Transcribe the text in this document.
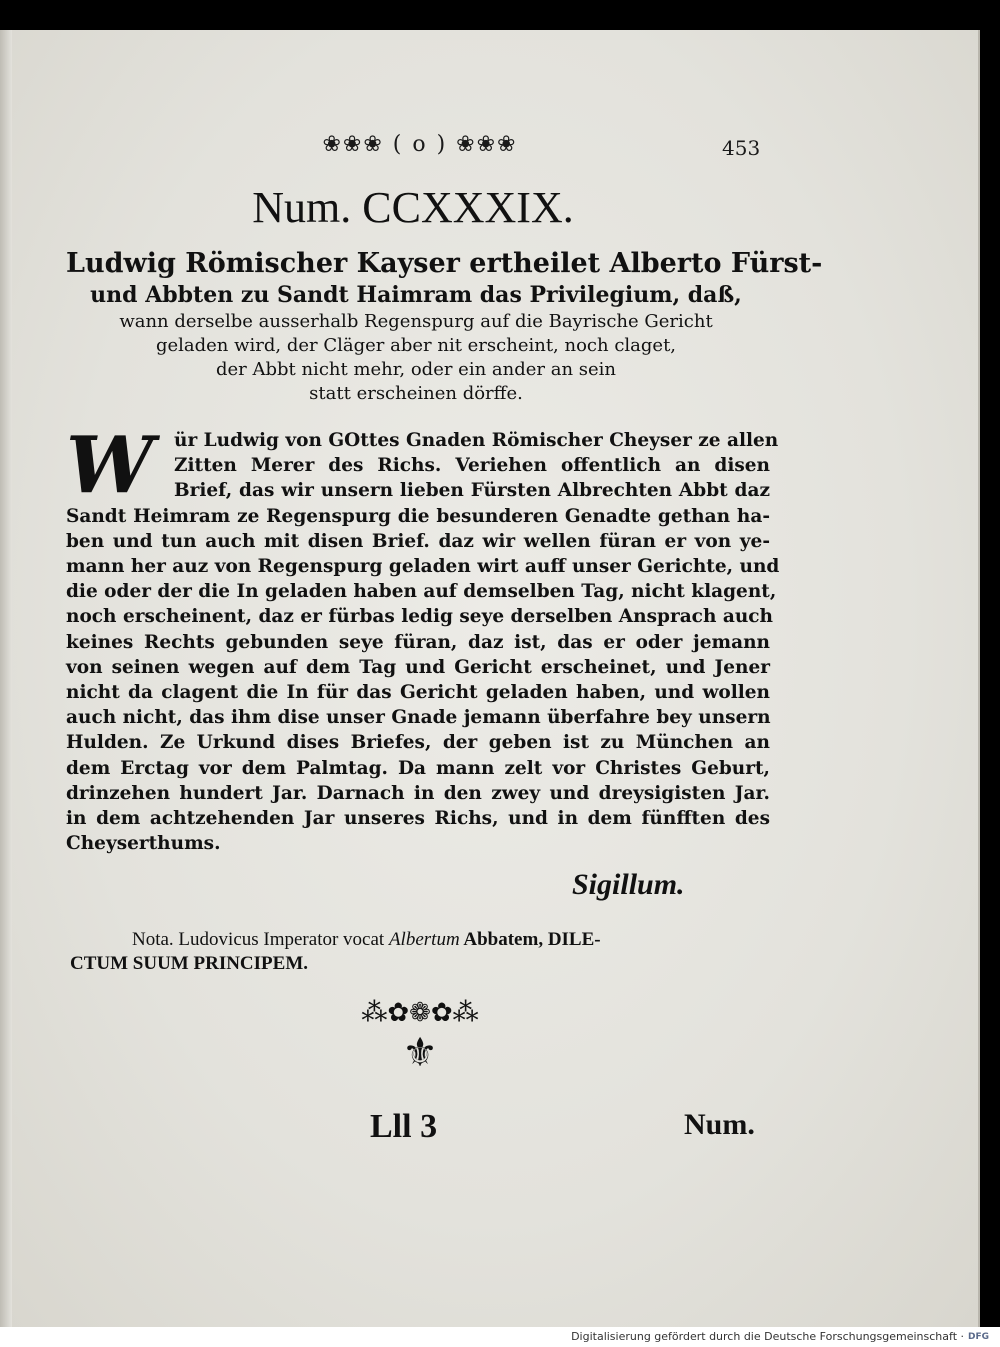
❀❀❀ ( o ) ❀❀❀	453
Num. CCXXXIX.
Ludwig Römischer Kayser ertheilet Alberto Fürst-
und Abbten zu Sandt Haimram das Privilegium, daß,
wann derselbe ausserhalb Regenspurg auf die Bayrische Gericht
geladen wird, der Cläger aber nit erscheint, noch claget,
der Abbt nicht mehr, oder ein ander an sein
statt erscheinen dörffe.
W	ür Ludwig von GOttes Gnaden Römischer Cheyser ze allen
Zitten Merer des Richs. Veriehen offentlich an disen
Brief, das wir unsern lieben Fürsten Albrechten Abbt daz
Sandt Heimram ze Regenspurg die besunderen Genadte gethan ha-
ben und tun auch mit disen Brief. daz wir wellen füran er von ye-
mann her auz von Regenspurg geladen wirt auff unser Gerichte, und
die oder der die In geladen haben auf demselben Tag, nicht klagent,
noch erscheinent, daz er fürbas ledig seye derselben Ansprach auch
keines Rechts gebunden seye füran, daz ist, das er oder jemann
von seinen wegen auf dem Tag und Gericht erscheinet, und Jener
nicht da clagent die In für das Gericht geladen haben, und wollen
auch nicht, das ihm dise unser Gnade jemann überfahre bey unsern
Hulden. Ze Urkund dises Briefes, der geben ist zu München an
dem Erctag vor dem Palmtag. Da mann zelt vor Christes Geburt,
drinzehen hundert Jar. Darnach in den zwey und dreysigisten Jar.
in dem achtzehenden Jar unseres Richs, und in dem fünfften des
Cheyserthums.
Sigillum.
Nota. Ludovicus Imperator vocat Albertum Abbatem, DILE-
CTUM SUUM PRINCIPEM.
⁂✿❁✿⁂
⚜
Lll 3	Num.
Digitalisierung gefördert durch die Deutsche Forschungsgemeinschaft · DFG
